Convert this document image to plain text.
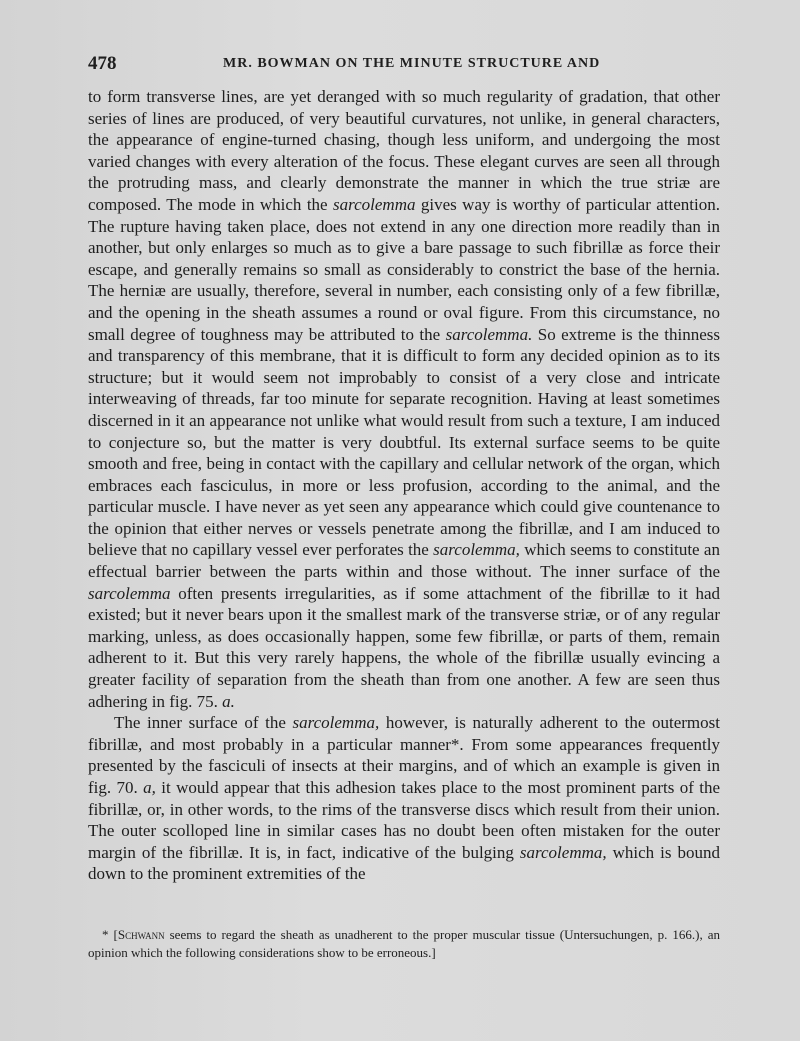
478	MR. BOWMAN ON THE MINUTE STRUCTURE AND

to form transverse lines, are yet deranged with so much regularity of gradation, that other series of lines are produced, of very beautiful curvatures, not unlike, in general characters, the appearance of engine-turned chasing, though less uniform, and undergoing the most varied changes with every alteration of the focus. These elegant curves are seen all through the protruding mass, and clearly demonstrate the manner in which the true striæ are composed. The mode in which the sarcolemma gives way is worthy of particular attention. The rupture having taken place, does not extend in any one direction more readily than in another, but only enlarges so much as to give a bare passage to such fibrillæ as force their escape, and generally remains so small as considerably to constrict the base of the hernia. The herniæ are usually, therefore, several in number, each consisting only of a few fibrillæ, and the opening in the sheath assumes a round or oval figure. From this circumstance, no small degree of toughness may be attributed to the sarcolemma. So extreme is the thinness and transparency of this membrane, that it is difficult to form any decided opinion as to its structure; but it would seem not improbably to consist of a very close and intricate interweaving of threads, far too minute for separate recognition. Having at least sometimes discerned in it an appearance not unlike what would result from such a texture, I am induced to conjecture so, but the matter is very doubtful. Its external surface seems to be quite smooth and free, being in contact with the capillary and cellular network of the organ, which embraces each fasciculus, in more or less profusion, according to the animal, and the particular muscle. I have never as yet seen any appearance which could give countenance to the opinion that either nerves or vessels penetrate among the fibrillæ, and I am induced to believe that no capillary vessel ever perforates the sarcolemma, which seems to constitute an effectual barrier between the parts within and those without. The inner surface of the sarcolemma often presents irregularities, as if some attachment of the fibrillæ to it had existed; but it never bears upon it the smallest mark of the transverse striæ, or of any regular marking, unless, as does occasionally happen, some few fibrillæ, or parts of them, remain adherent to it. But this very rarely happens, the whole of the fibrillæ usually evincing a greater facility of separation from the sheath than from one another. A few are seen thus adhering in fig. 75. a.

The inner surface of the sarcolemma, however, is naturally adherent to the outermost fibrillæ, and most probably in a particular manner*. From some appearances frequently presented by the fasciculi of insects at their margins, and of which an example is given in fig. 70. a, it would appear that this adhesion takes place to the most prominent parts of the fibrillæ, or, in other words, to the rims of the transverse discs which result from their union. The outer scolloped line in similar cases has no doubt been often mistaken for the outer margin of the fibrillæ. It is, in fact, indicative of the bulging sarcolemma, which is bound down to the prominent extremities of the

* [Schwann seems to regard the sheath as unadherent to the proper muscular tissue (Untersuchungen, p. 166.), an opinion which the following considerations show to be erroneous.]
